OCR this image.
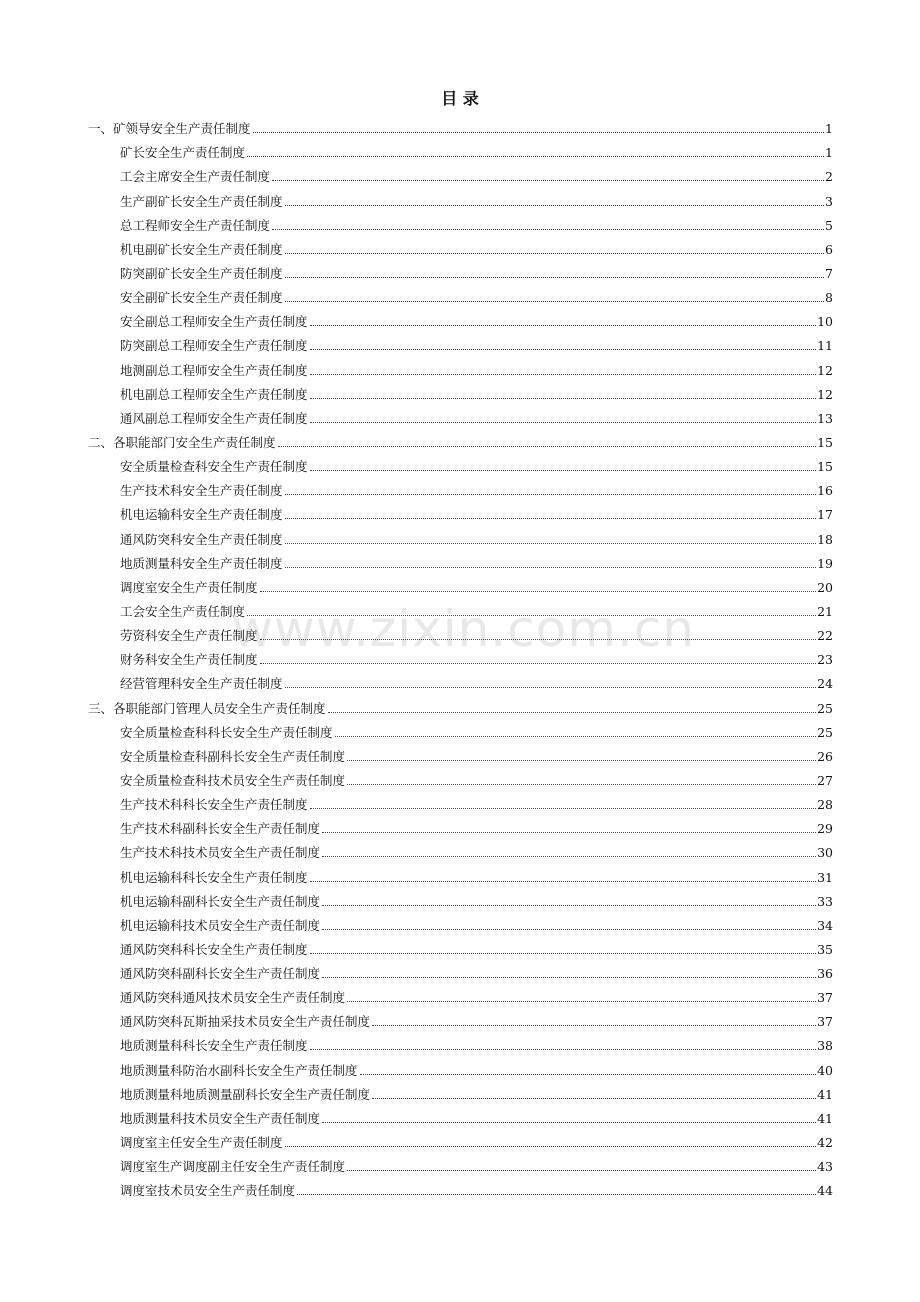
www.zixin.com.cn
目 录
一、矿领导安全生产责任制度	1
矿长安全生产责任制度	1
工会主席安全生产责任制度	2
生产副矿长安全生产责任制度	3
总工程师安全生产责任制度	5
机电副矿长安全生产责任制度	6
防突副矿长安全生产责任制度	7
安全副矿长安全生产责任制度	8
安全副总工程师安全生产责任制度	10
防突副总工程师安全生产责任制度	11
地测副总工程师安全生产责任制度	12
机电副总工程师安全生产责任制度	12
通风副总工程师安全生产责任制度	13
二、各职能部门安全生产责任制度	15
安全质量检查科安全生产责任制度	15
生产技术科安全生产责任制度	16
机电运输科安全生产责任制度	17
通风防突科安全生产责任制度	18
地质测量科安全生产责任制度	19
调度室安全生产责任制度	20
工会安全生产责任制度	21
劳资科安全生产责任制度	22
财务科安全生产责任制度	23
经营管理科安全生产责任制度	24
三、各职能部门管理人员安全生产责任制度	25
安全质量检查科科长安全生产责任制度	25
安全质量检查科副科长安全生产责任制度	26
安全质量检查科技术员安全生产责任制度	27
生产技术科科长安全生产责任制度	28
生产技术科副科长安全生产责任制度	29
生产技术科技术员安全生产责任制度	30
机电运输科科长安全生产责任制度	31
机电运输科副科长安全生产责任制度	33
机电运输科技术员安全生产责任制度	34
通风防突科科长安全生产责任制度	35
通风防突科副科长安全生产责任制度	36
通风防突科通风技术员安全生产责任制度	37
通风防突科瓦斯抽采技术员安全生产责任制度	37
地质测量科科长安全生产责任制度	38
地质测量科防治水副科长安全生产责任制度	40
地质测量科地质测量副科长安全生产责任制度	41
地质测量科技术员安全生产责任制度	41
调度室主任安全生产责任制度	42
调度室生产调度副主任安全生产责任制度	43
调度室技术员安全生产责任制度	44
